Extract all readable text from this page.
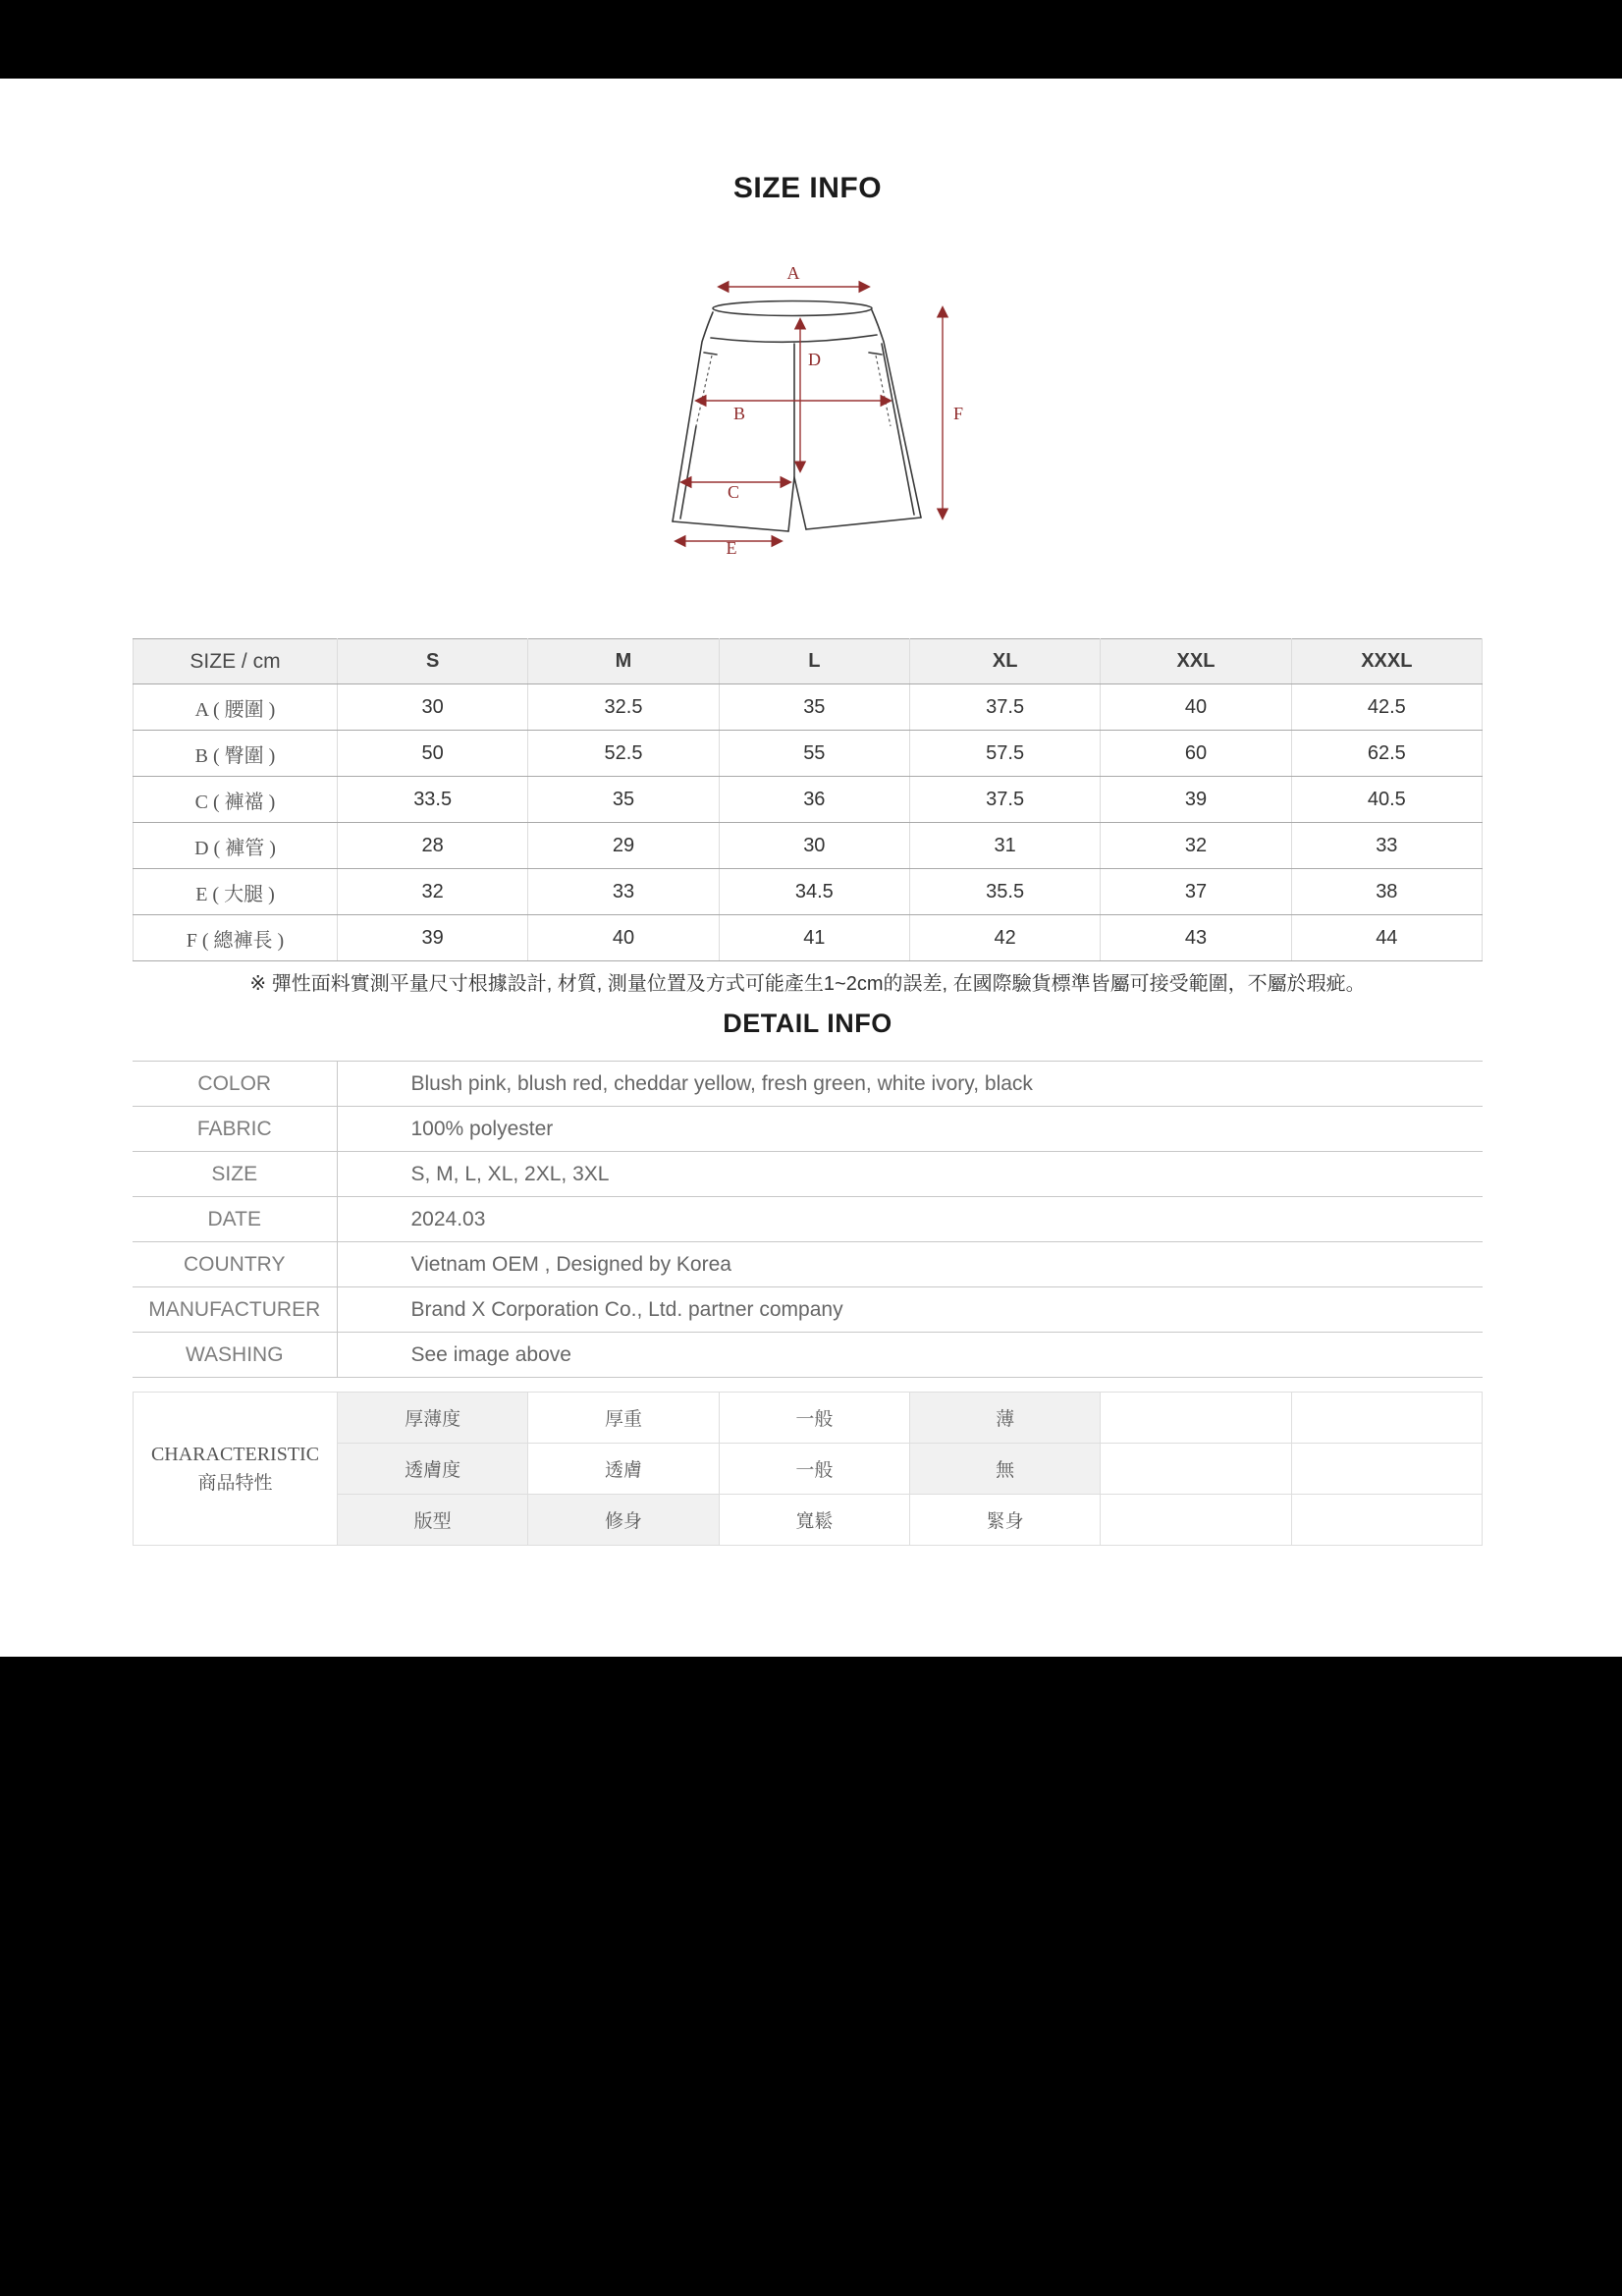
SIZE INFO
A
B
C
D
E
F
SIZE / cm	S	M	L	XL	XXL	XXXL
A ( 腰圍 )	30	32.5	35	37.5	40	42.5
B ( 臀圍 )	50	52.5	55	57.5	60	62.5
C ( 褲襠 )	33.5	35	36	37.5	39	40.5
D ( 褲管 )	28	29	30	31	32	33
E ( 大腿 )	32	33	34.5	35.5	37	38
F ( 總褲長 )	39	40	41	42	43	44
※ 彈性面料實測平量尺寸根據設計, 材質, 測量位置及方式可能產生1~2cm的誤差, 在國際驗貨標準皆屬可接受範圍，不屬於瑕疵。
DETAIL INFO
COLOR	Blush pink, blush red, cheddar yellow, fresh green, white ivory, black
FABRIC	100% polyester
SIZE	S, M, L, XL, 2XL, 3XL
DATE	2024.03
COUNTRY	Vietnam OEM , Designed by Korea
MANUFACTURER	Brand X Corporation Co., Ltd. partner company
WASHING	See image above
CHARACTERISTIC
商品特性	厚薄度	厚重	一般	薄		
	透膚度	透膚	一般	無		
	版型	修身	寬鬆	緊身		
